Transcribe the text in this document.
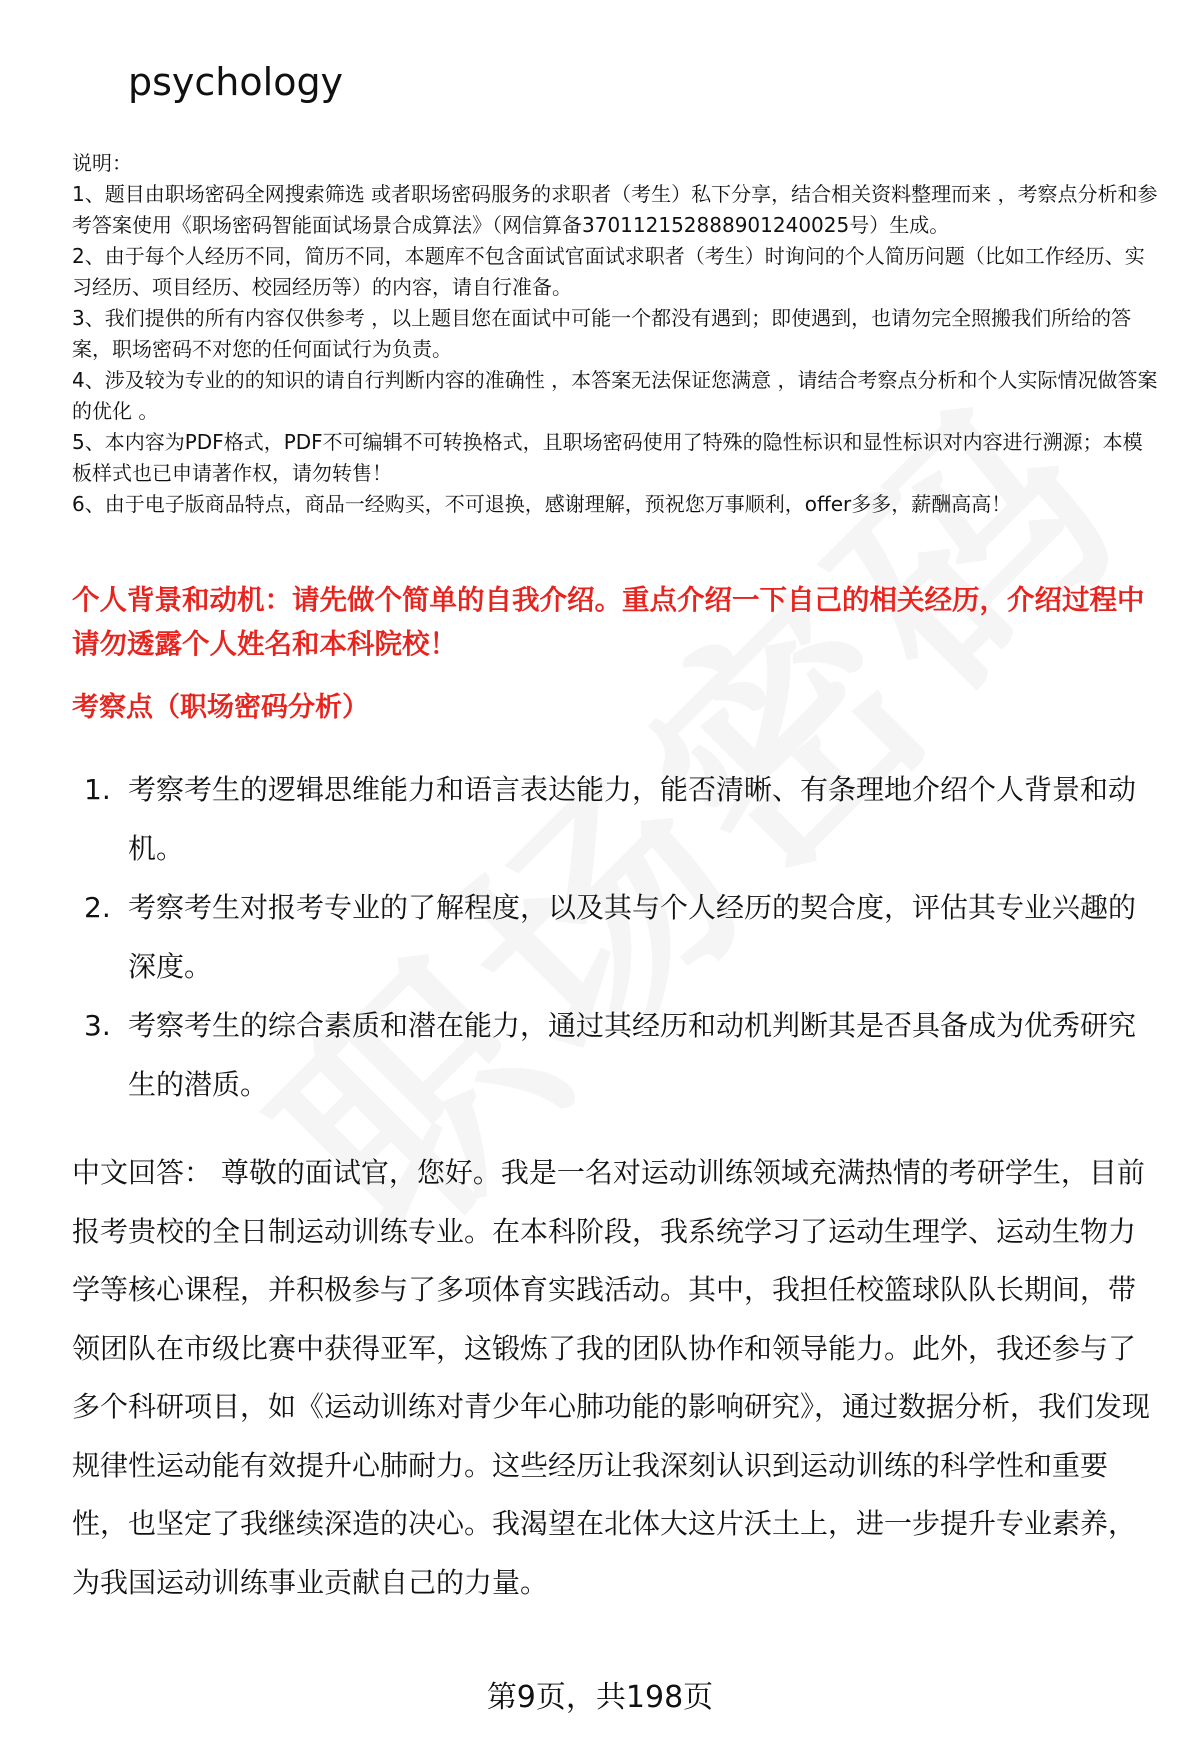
psychology

说明：

1、题目由职场密码全网搜索筛选 或者职场密码服务的求职者（考生）私下分享，结合相关资料整理而来 ，考察点分析和参考答案使用《职场密码智能面试场景合成算法》（网信算备370112152888901240025号）生成。

2、由于每个人经历不同，简历不同，本题库不包含面试官面试求职者（考生）时询问的个人简历问题（比如工作经历、实习经历、项目经历、校园经历等）的内容，请自行准备。

3、我们提供的所有内容仅供参考 ，以上题目您在面试中可能一个都没有遇到；即使遇到，也请勿完全照搬我们所给的答案，职场密码不对您的任何面试行为负责。

4、涉及较为专业的的知识的请自行判断内容的准确性 ，本答案无法保证您满意 ，请结合考察点分析和个人实际情况做答案的优化 。

5、本内容为PDF格式，PDF不可编辑不可转换格式，且职场密码使用了特殊的隐性标识和显性标识对内容进行溯源；本模板样式也已申请著作权，请勿转售！

6、由于电子版商品特点，商品一经购买，不可退换，感谢理解，预祝您万事顺利，offer多多，薪酬高高！

个人背景和动机：请先做个简单的自我介绍。重点介绍一下自己的相关经历，介绍过程中请勿透露个人姓名和本科院校！
考察点（职场密码分析）
1. 考察考生的逻辑思维能力和语言表达能力，能否清晰、有条理地介绍个人背景和动机。
2. 考察考生对报考专业的了解程度，以及其与个人经历的契合度，评估其专业兴趣的深度。
3. 考察考生的综合素质和潜在能力，通过其经历和动机判断其是否具备成为优秀研究生的潜质。
中文回答： 尊敬的面试官，您好。我是一名对运动训练领域充满热情的考研学生，目前报考贵校的全日制运动训练专业。在本科阶段，我系统学习了运动生理学、运动生物力学等核心课程，并积极参与了多项体育实践活动。其中，我担任校篮球队队长期间，带领团队在市级比赛中获得亚军，这锻炼了我的团队协作和领导能力。此外，我还参与了多个科研项目，如《运动训练对青少年心肺功能的影响研究》，通过数据分析，我们发现规律性运动能有效提升心肺耐力。这些经历让我深刻认识到运动训练的科学性和重要性，也坚定了我继续深造的决心。我渴望在北体大这片沃土上，进一步提升专业素养，为我国运动训练事业贡献自己的力量。
第9页，共198页
